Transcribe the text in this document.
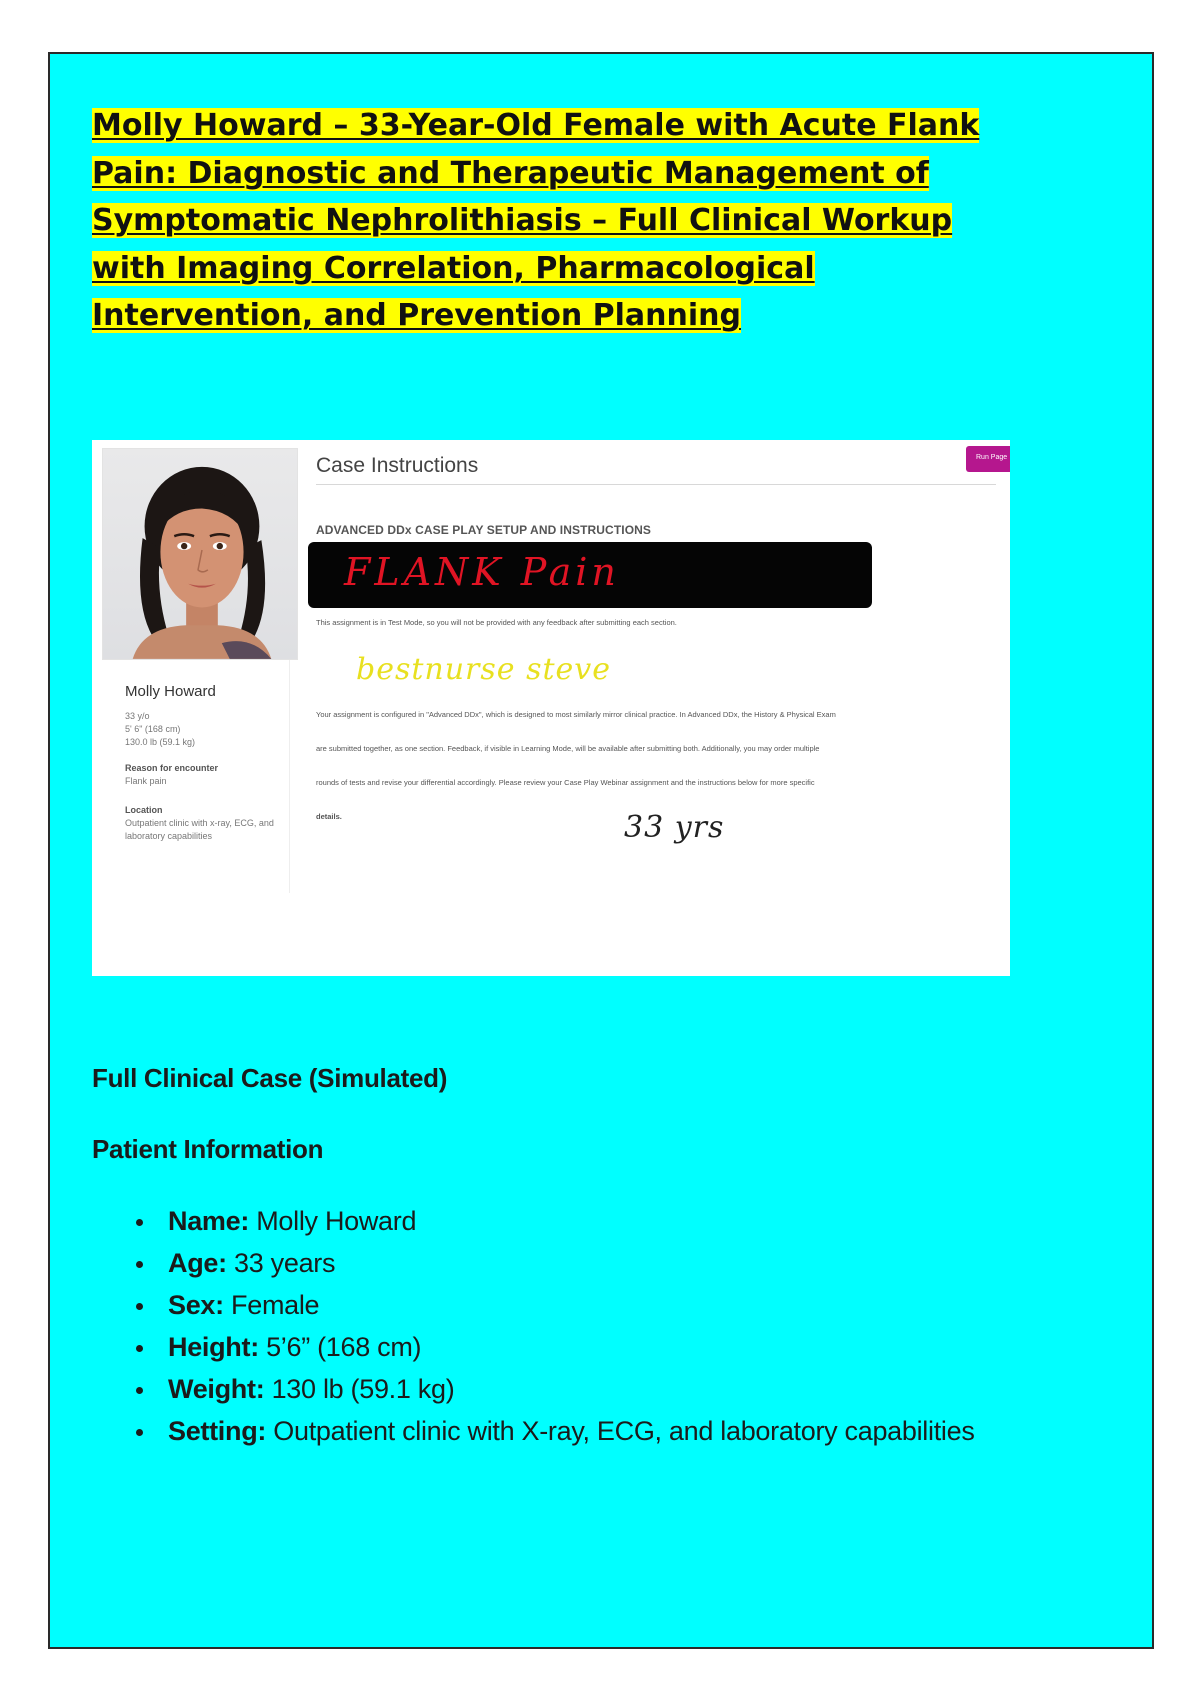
Molly Howard – 33-Year-Old Female with Acute Flank Pain: Diagnostic and Therapeutic Management of Symptomatic Nephrolithiasis – Full Clinical Workup with Imaging Correlation, Pharmacological Intervention, and Prevention Planning
Molly Howard
33 y/o
5' 6" (168 cm)
130.0 lb (59.1 kg)
Reason for encounter
Flank pain
Location
Outpatient clinic with x-ray, ECG, and laboratory capabilities
Case Instructions	Run Page
ADVANCED DDx CASE PLAY SETUP AND INSTRUCTIONS
FLANK Pain
This assignment is in Test Mode, so you will not be provided with any feedback after submitting each section.
bestnurse steve
Your assignment is configured in "Advanced DDx", which is designed to most similarly mirror clinical practice. In Advanced DDx, the History & Physical Exam
are submitted together, as one section. Feedback, if visible in Learning Mode, will be available after submitting both. Additionally, you may order multiple
rounds of tests and revise your differential accordingly. Please review your Case Play Webinar assignment and the instructions below for more specific
details.	33 yrs
Full Clinical Case (Simulated)
Patient Information
Name: Molly Howard
Age: 33 years
Sex: Female
Height: 5’6” (168 cm)
Weight: 130 lb (59.1 kg)
Setting: Outpatient clinic with X-ray, ECG, and laboratory capabilities
